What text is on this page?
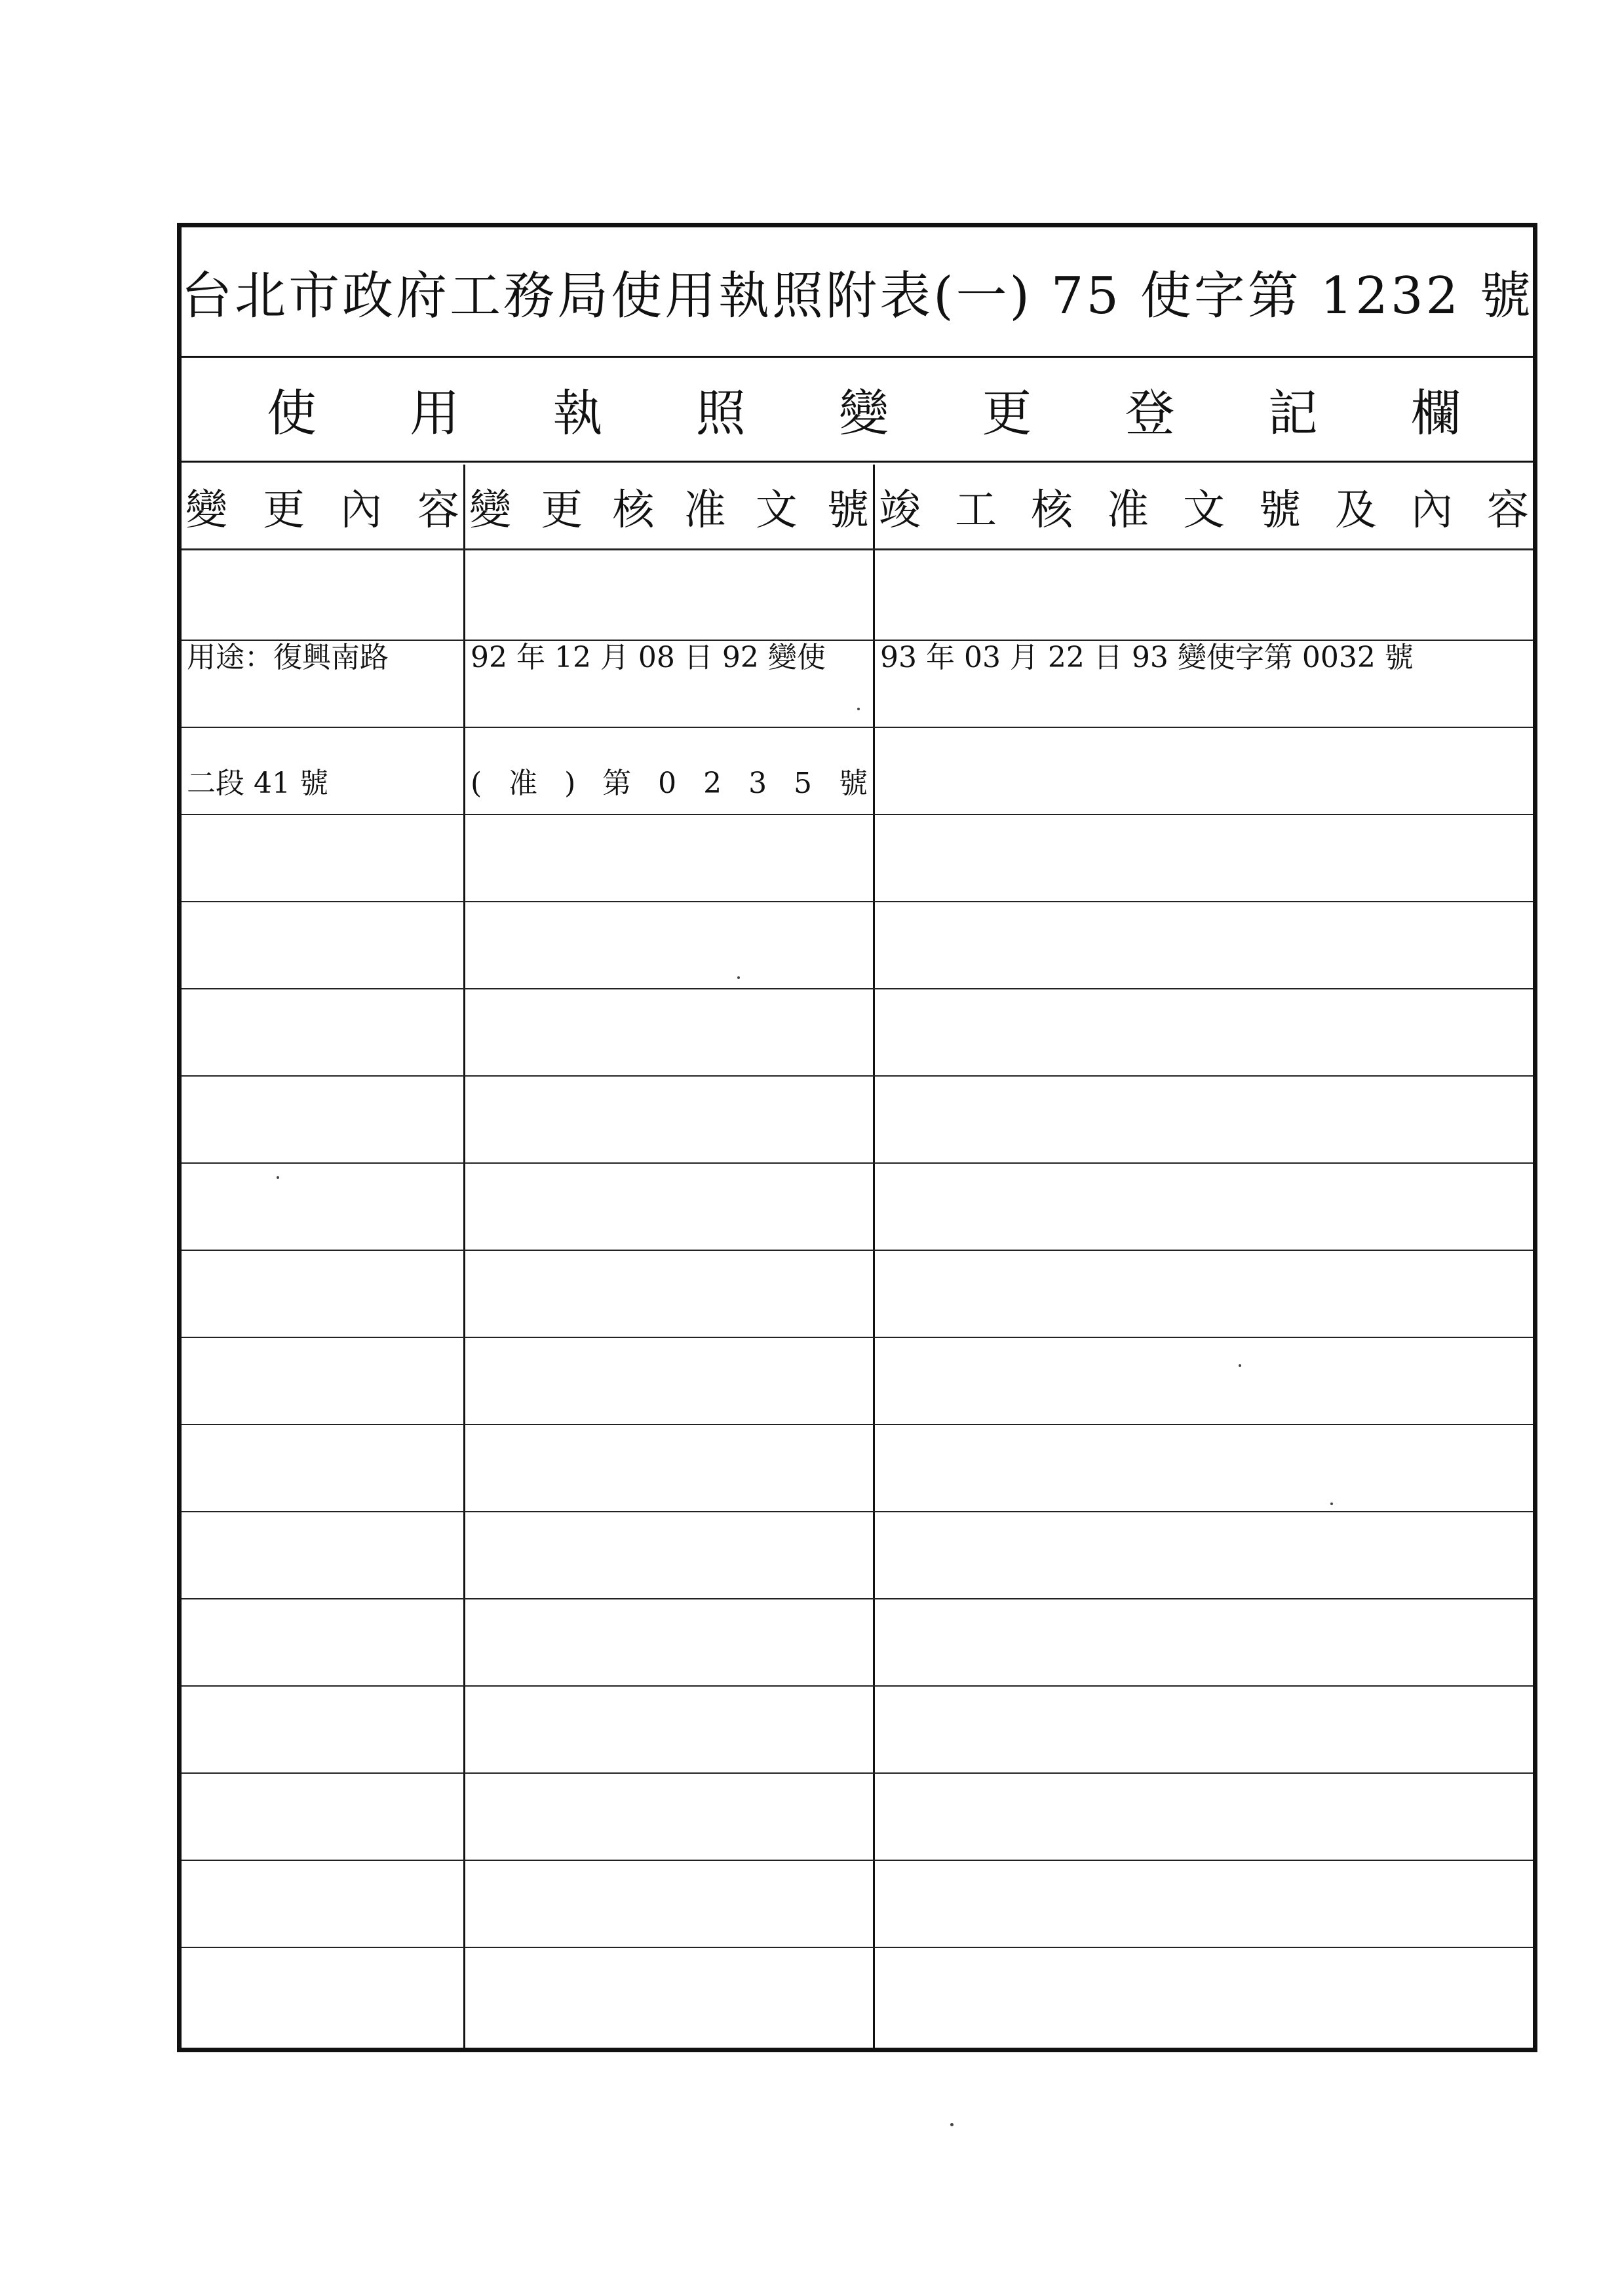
台北市政府工務局使用執照附表(一) 75 使字第 1232 號
使 用 執 照 變 更 登 記 欄
變 更 內 容 變 更 核 准 文 號 竣 工 核 准 文 號 及 內 容

用途：復興南路

二段 41 號

92 年 12 月 08 日 92 變使

( 准 ) 第 0 2 3 5 號

93 年 03 月 22 日 93 變使字第 0032 號
